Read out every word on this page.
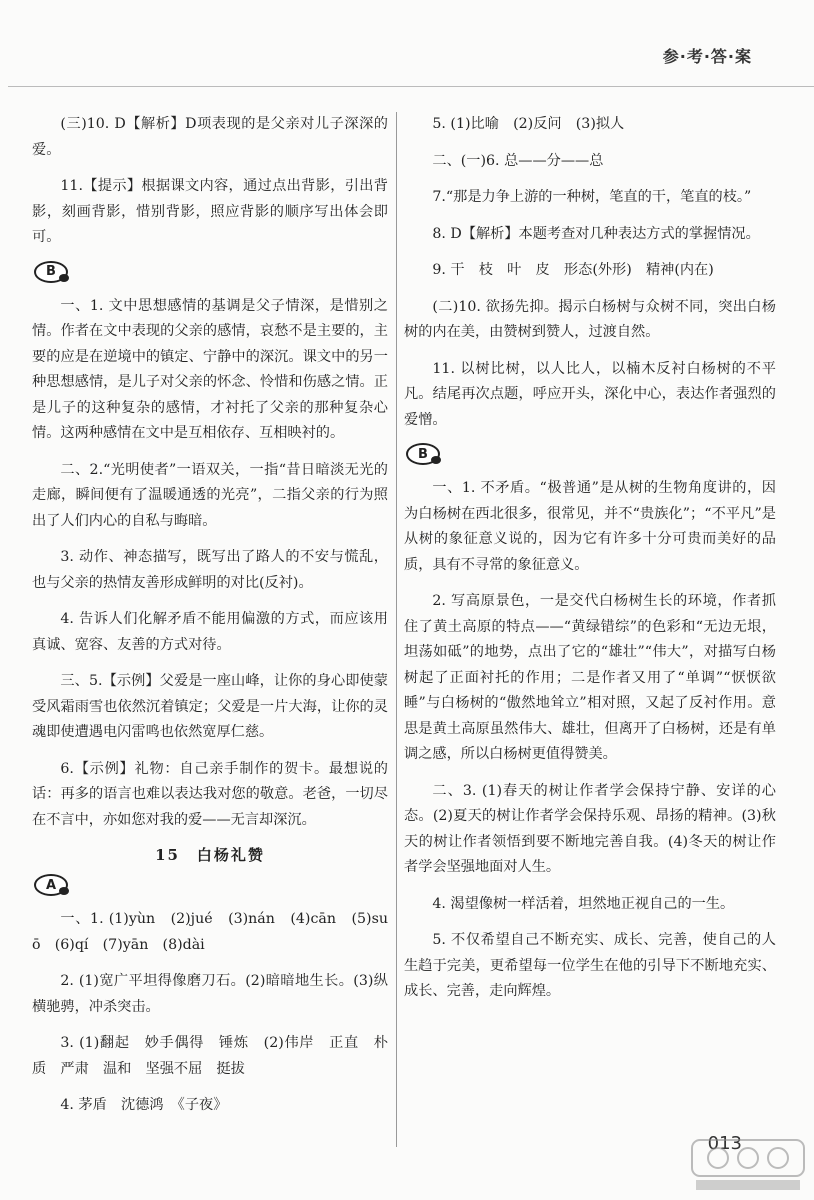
参·考·答·案

(三)10. D【解析】D项表现的是父亲对儿子深深的爱。

11.【提示】根据课文内容，通过点出背影，引出背影，刻画背影，惜别背影，照应背影的顺序写出体会即可。

B

一、1. 文中思想感情的基调是父子情深，是惜别之情。作者在文中表现的父亲的感情，哀愁不是主要的，主要的应是在逆境中的镇定、宁静中的深沉。课文中的另一种思想感情，是儿子对父亲的怀念、怜惜和伤感之情。正是儿子的这种复杂的感情，才衬托了父亲的那种复杂心情。这两种感情在文中是互相依存、互相映衬的。

二、2.“光明使者”一语双关，一指“昔日暗淡无光的走廊，瞬间便有了温暖通透的光亮”，二指父亲的行为照出了人们内心的自私与晦暗。

3. 动作、神态描写，既写出了路人的不安与慌乱，也与父亲的热情友善形成鲜明的对比(反衬)。

4. 告诉人们化解矛盾不能用偏激的方式，而应该用真诚、宽容、友善的方式对待。

三、5.【示例】父爱是一座山峰，让你的身心即使蒙受风霜雨雪也依然沉着镇定；父爱是一片大海，让你的灵魂即使遭遇电闪雷鸣也依然宽厚仁慈。

6.【示例】礼物：自己亲手制作的贺卡。最想说的话：再多的语言也难以表达我对您的敬意。老爸，一切尽在不言中，亦如您对我的爱——无言却深沉。

15　白杨礼赞
A

一、1. (1)yùn　(2)jué　(3)nán　(4)cān　(5)suō　(6)qí　(7)yān　(8)dài

2. (1)宽广平坦得像磨刀石。(2)暗暗地生长。(3)纵横驰骋，冲杀突击。

3. (1)翻起　妙手偶得　锤炼　(2)伟岸　正直　朴质　严肃　温和　坚强不屈　挺拔

4. 茅盾　沈德鸿　《子夜》

5. (1)比喻　(2)反问　(3)拟人

二、(一)6. 总——分——总

7.“那是力争上游的一种树，笔直的干，笔直的枝。”

8. D【解析】本题考查对几种表达方式的掌握情况。

9. 干　枝　叶　皮　形态(外形)　精神(内在)

(二)10. 欲扬先抑。揭示白杨树与众树不同，突出白杨树的内在美，由赞树到赞人，过渡自然。

11. 以树比树，以人比人，以楠木反衬白杨树的不平凡。结尾再次点题，呼应开头，深化中心，表达作者强烈的爱憎。

B

一、1. 不矛盾。“极普通”是从树的生物角度讲的，因为白杨树在西北很多，很常见，并不“贵族化”；“不平凡”是从树的象征意义说的，因为它有许多十分可贵而美好的品质，具有不寻常的象征意义。

2. 写高原景色，一是交代白杨树生长的环境，作者抓住了黄土高原的特点——“黄绿错综”的色彩和“无边无垠，坦荡如砥”的地势，点出了它的“雄壮”“伟大”，对描写白杨树起了正面衬托的作用；二是作者又用了“单调”“恹恹欲睡”与白杨树的“傲然地耸立”相对照，又起了反衬作用。意思是黄土高原虽然伟大、雄壮，但离开了白杨树，还是有单调之感，所以白杨树更值得赞美。

二、3. (1)春天的树让作者学会保持宁静、安详的心态。(2)夏天的树让作者学会保持乐观、昂扬的精神。(3)秋天的树让作者领悟到要不断地完善自我。(4)冬天的树让作者学会坚强地面对人生。

4. 渴望像树一样活着，坦然地正视自己的一生。

5. 不仅希望自己不断充实、成长、完善，使自己的人生趋于完美，更希望每一位学生在他的引导下不断地充实、成长、完善，走向辉煌。

013
